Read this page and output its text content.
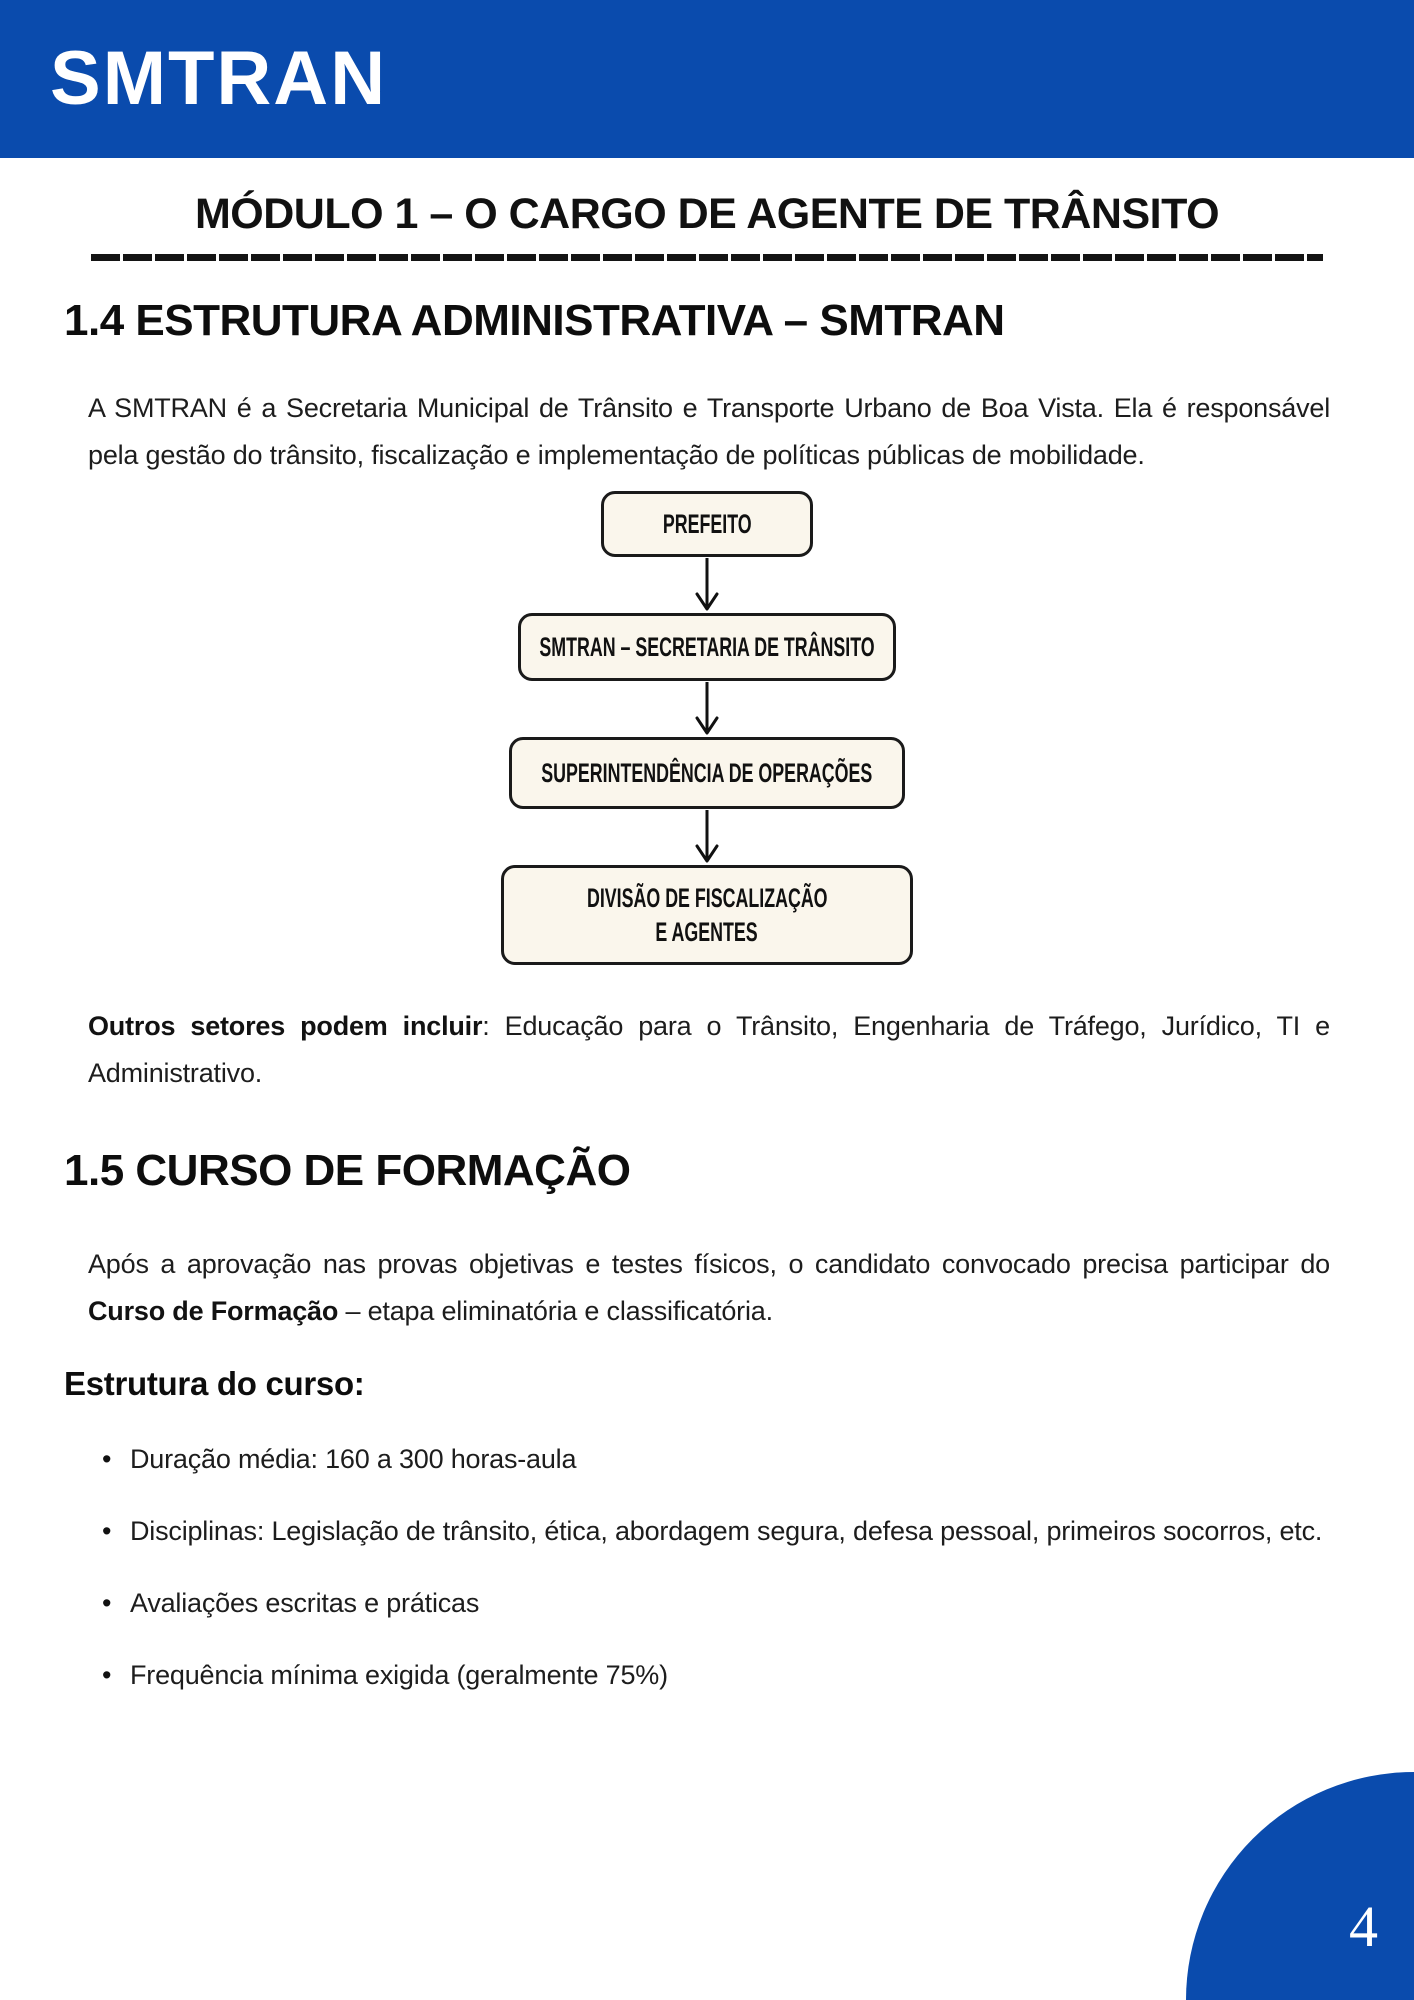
SMTRAN
MÓDULO 1 – O CARGO DE AGENTE DE TRÂNSITO
1.4 ESTRUTURA ADMINISTRATIVA – SMTRAN

A SMTRAN é a Secretaria Municipal de Trânsito e Transporte Urbano de Boa Vista. Ela é responsável pela gestão do trânsito, fiscalização e implementação de políticas públicas de mobilidade.

PREFEITO
SMTRAN – SECRETARIA DE TRÂNSITO
SUPERINTENDÊNCIA DE OPERAÇÕES
DIVISÃO DE FISCALIZAÇÃO
E AGENTES

Outros setores podem incluir: Educação para o Trânsito, Engenharia de Tráfego, Jurídico, TI e Administrativo.

1.5 CURSO DE FORMAÇÃO

Após a aprovação nas provas objetivas e testes físicos, o candidato convocado precisa participar do Curso de Formação – etapa eliminatória e classificatória.

Estrutura do curso:
• Duração média: 160 a 300 horas-aula
• Disciplinas: Legislação de trânsito, ética, abordagem segura, defesa pessoal, primeiros socorros, etc.
• Avaliações escritas e práticas
• Frequência mínima exigida (geralmente 75%)
4
